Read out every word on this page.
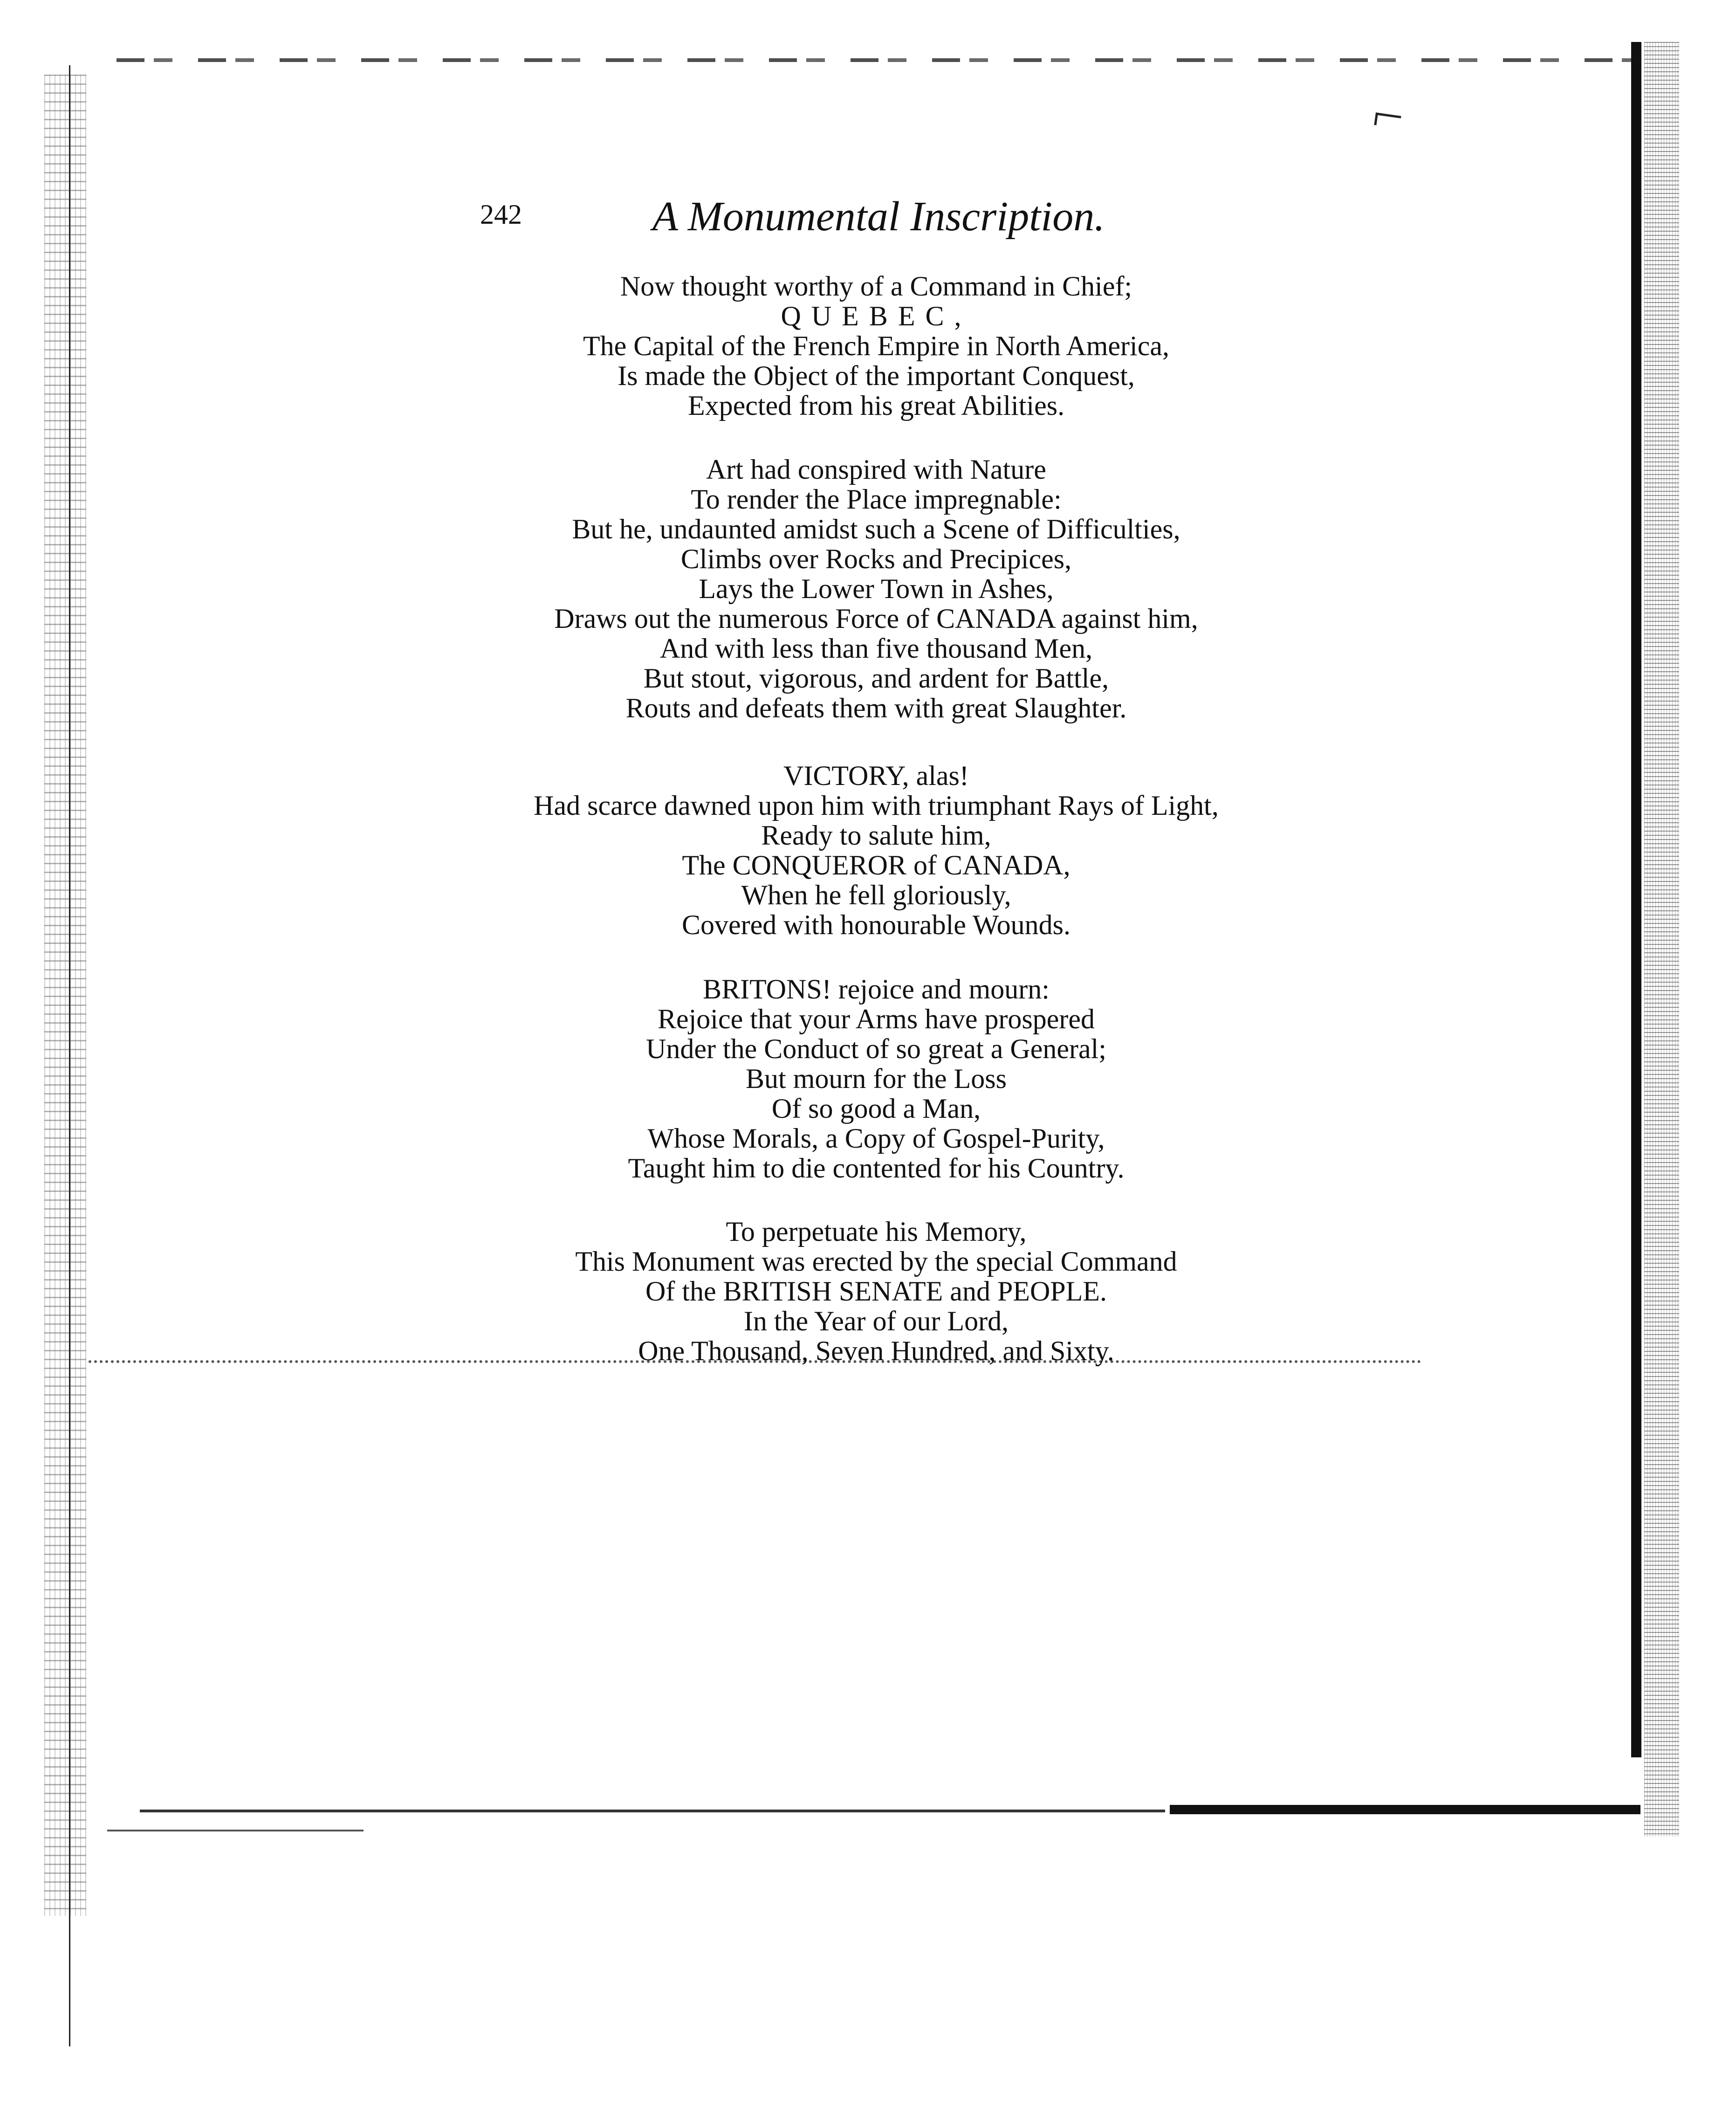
242	A Monumental Inscription.
Now thought worthy of a Command in Chief;
QUEBEC,
The Capital of the French Empire in North America,
Is made the Object of the important Conquest,
Expected from his great Abilities.
Art had conspired with Nature
To render the Place impregnable:
But he, undaunted amidst such a Scene of Difficulties,
Climbs over Rocks and Precipices,
Lays the Lower Town in Ashes,
Draws out the numerous Force of CANADA against him,
And with less than five thousand Men,
But stout, vigorous, and ardent for Battle,
Routs and defeats them with great Slaughter.
VICTORY, alas!
Had scarce dawned upon him with triumphant Rays of Light,
Ready to salute him,
The CONQUEROR of CANADA,
When he fell gloriously,
Covered with honourable Wounds.
BRITONS! rejoice and mourn:
Rejoice that your Arms have prospered
Under the Conduct of so great a General;
But mourn for the Loss
Of so good a Man,
Whose Morals, a Copy of Gospel-Purity,
Taught him to die contented for his Country.
To perpetuate his Memory,
This Monument was erected by the special Command
Of the BRITISH SENATE and PEOPLE.
In the Year of our Lord,
One Thousand, Seven Hundred, and Sixty.
